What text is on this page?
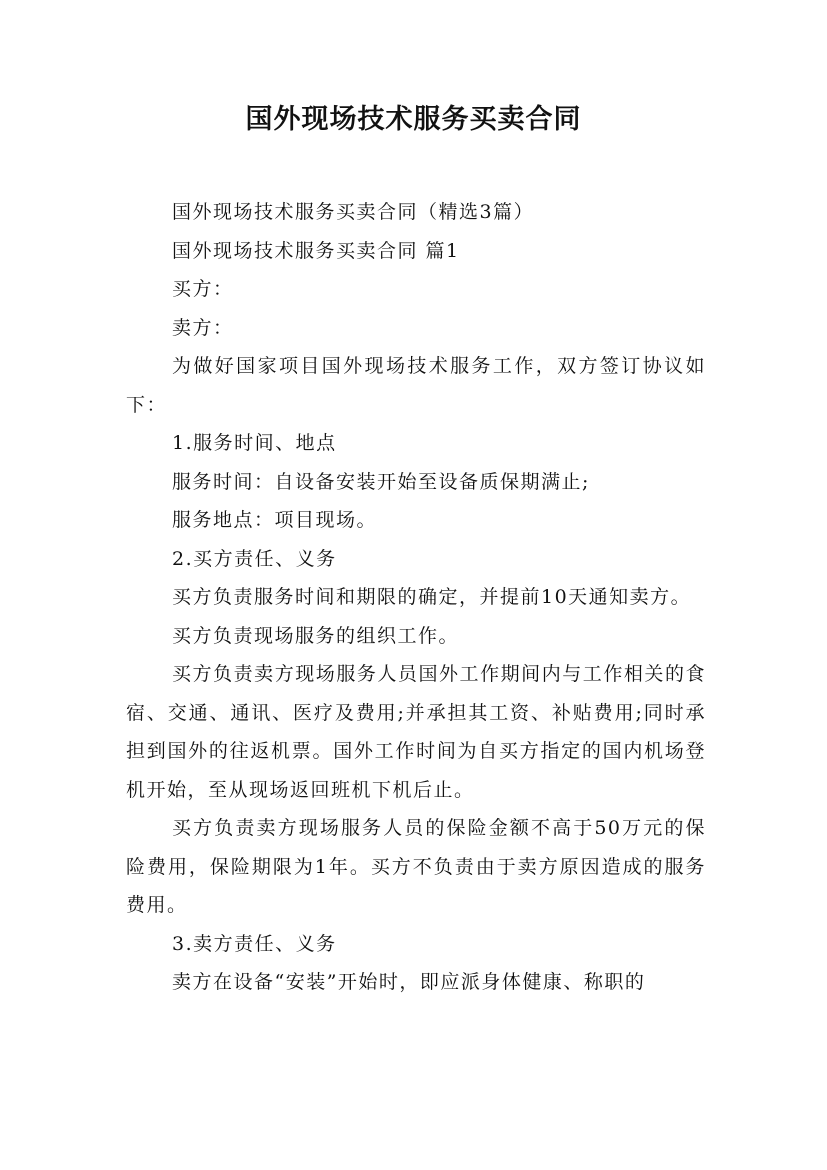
国外现场技术服务买卖合同

国外现场技术服务买卖合同（精选3篇）

国外现场技术服务买卖合同 篇1

买方：

卖方：

为做好国家项目国外现场技术服务工作，双方签订协议如下：

1.服务时间、地点

服务时间：自设备安装开始至设备质保期满止;

服务地点：项目现场。

2.买方责任、义务

买方负责服务时间和期限的确定，并提前10天通知卖方。

买方负责现场服务的组织工作。

买方负责卖方现场服务人员国外工作期间内与工作相关的食宿、交通、通讯、医疗及费用;并承担其工资、补贴费用;同时承担到国外的往返机票。国外工作时间为自买方指定的国内机场登机开始，至从现场返回班机下机后止。

买方负责卖方现场服务人员的保险金额不高于50万元的保险费用，保险期限为1年。买方不负责由于卖方原因造成的服务费用。

3.卖方责任、义务

卖方在设备“安装”开始时，即应派身体健康、称职的
